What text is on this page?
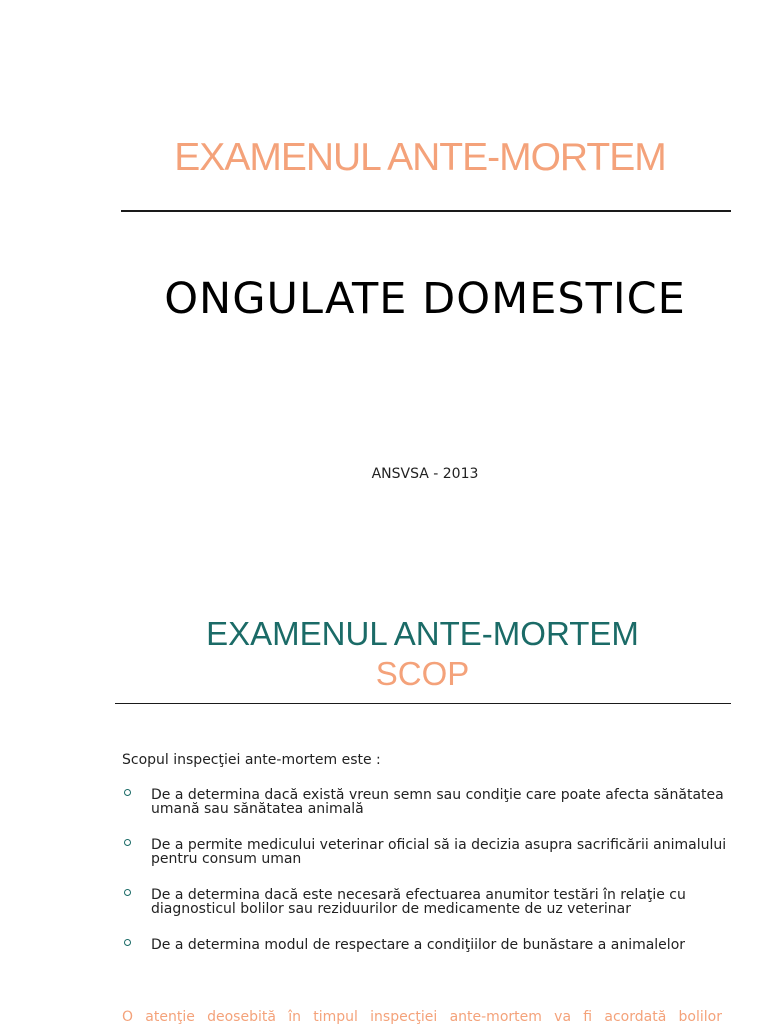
EXAMENUL ANTE-MORTEM
ONGULATE DOMESTICE
ANSVSA - 2013
EXAMENUL ANTE-MORTEM
SCOP
Scopul inspecţiei ante-mortem este :
De a determina dacă există vreun semn sau condiţie care poate afecta sănătatea umană sau sănătatea animală
De a permite medicului veterinar oficial să ia decizia asupra sacrificării animalului pentru consum uman
De a determina dacă este necesară efectuarea anumitor testări în relaţie cu diagnosticul bolilor sau reziduurilor de medicamente de uz veterinar
De a determina modul de respectare a condiţiilor de bunăstare a animalelor
O atenţie deosebită în timpul inspecţiei ante-mortem va fi acordată bolilor
